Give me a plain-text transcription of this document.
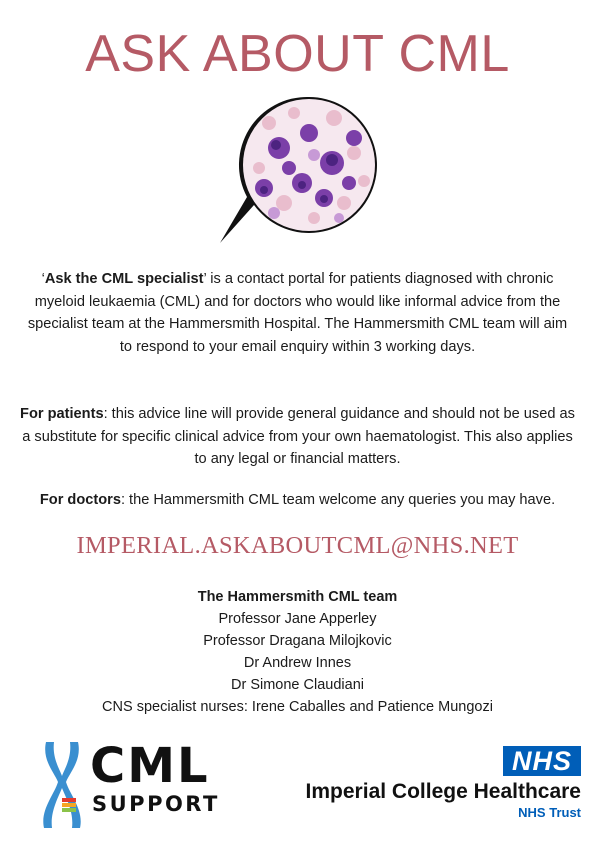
ASK ABOUT CML
‘Ask the CML specialist’ is a contact portal for patients diagnosed with chronic myeloid leukaemia (CML) and for doctors who would like informal advice from the specialist team at the Hammersmith Hospital. The Hammersmith CML team will aim to respond to your email enquiry within 3 working days.
For patients: this advice line will provide general guidance and should not be used as a substitute for specific clinical advice from your own haematologist. This also applies to any legal or financial matters.
For doctors: the Hammersmith CML team welcome any queries you may have.
IMPERIAL.ASKABOUTCML@NHS.NET
The Hammersmith CML team
Professor Jane Apperley
Professor Dragana Milojkovic
Dr Andrew Innes
Dr Simone Claudiani
CNS specialist nurses: Irene Caballes and Patience Mungozi
CML
SUPPORT
NHS
Imperial College Healthcare
NHS Trust
